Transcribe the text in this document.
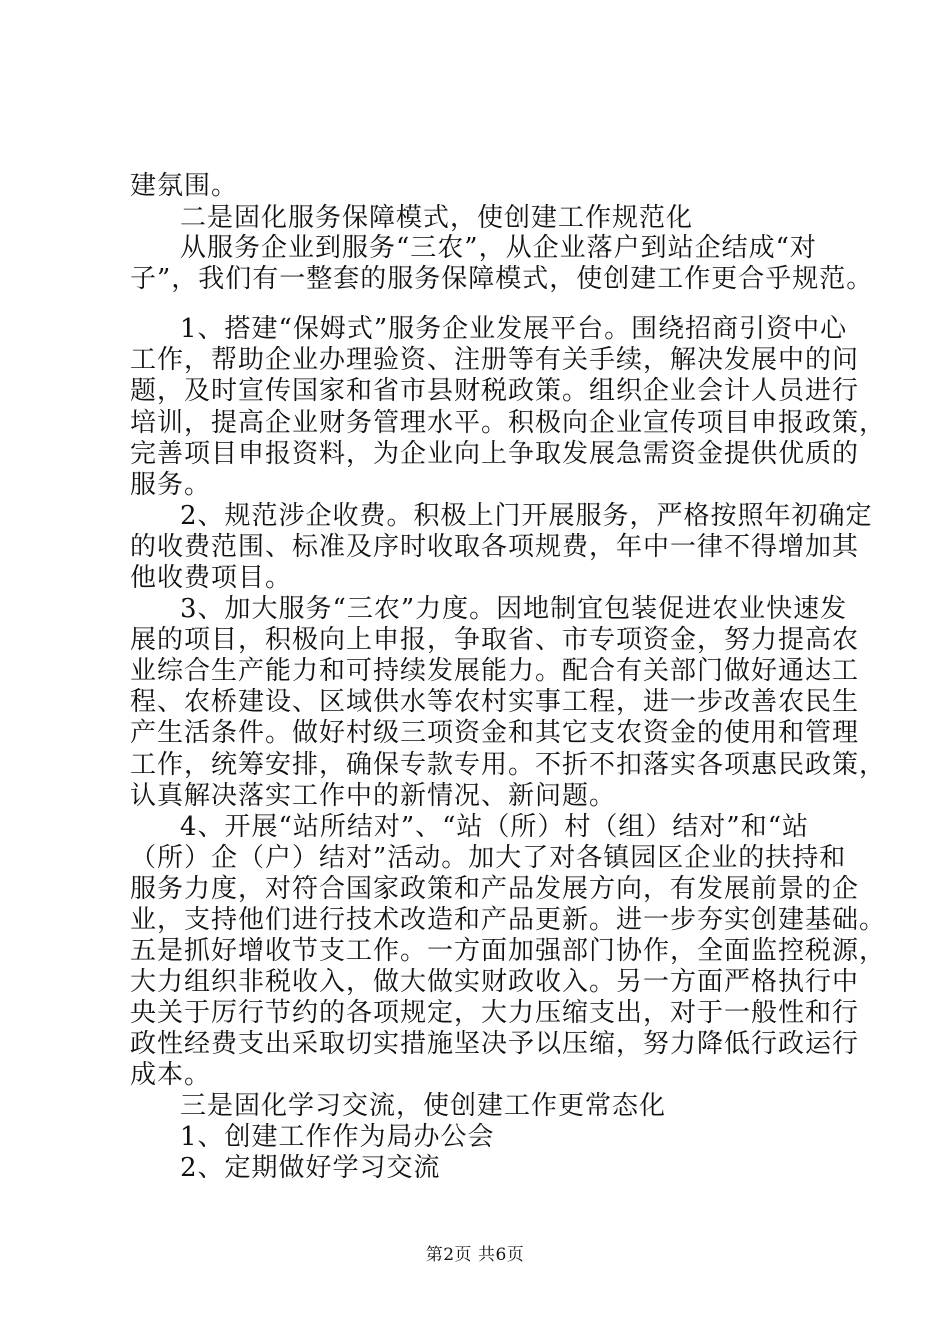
建氛围。
二是固化服务保障模式，使创建工作规范化
从服务企业到服务“三农”，从企业落户到站企结成“对
子”，我们有一整套的服务保障模式，使创建工作更合乎规范。
1、搭建“保姆式”服务企业发展平台。围绕招商引资中心
工作，帮助企业办理验资、注册等有关手续，解决发展中的问
题，及时宣传国家和省市县财税政策。组织企业会计人员进行
培训，提高企业财务管理水平。积极向企业宣传项目申报政策，
完善项目申报资料，为企业向上争取发展急需资金提供优质的
服务。
2、规范涉企收费。积极上门开展服务，严格按照年初确定
的收费范围、标准及序时收取各项规费，年中一律不得增加其
他收费项目。
3、加大服务“三农”力度。因地制宜包装促进农业快速发
展的项目，积极向上申报，争取省、市专项资金，努力提高农
业综合生产能力和可持续发展能力。配合有关部门做好通达工
程、农桥建设、区域供水等农村实事工程，进一步改善农民生
产生活条件。做好村级三项资金和其它支农资金的使用和管理
工作，统筹安排，确保专款专用。不折不扣落实各项惠民政策，
认真解决落实工作中的新情况、新问题。
4、开展“站所结对”、“站（所）村（组）结对”和“站
（所）企（户）结对”活动。加大了对各镇园区企业的扶持和
服务力度，对符合国家政策和产品发展方向，有发展前景的企
业，支持他们进行技术改造和产品更新。进一步夯实创建基础。
五是抓好增收节支工作。一方面加强部门协作，全面监控税源，
大力组织非税收入，做大做实财政收入。另一方面严格执行中
央关于厉行节约的各项规定，大力压缩支出，对于一般性和行
政性经费支出采取切实措施坚决予以压缩，努力降低行政运行
成本。
三是固化学习交流，使创建工作更常态化
1、创建工作作为局办公会
2、定期做好学习交流
第2页 共6页
